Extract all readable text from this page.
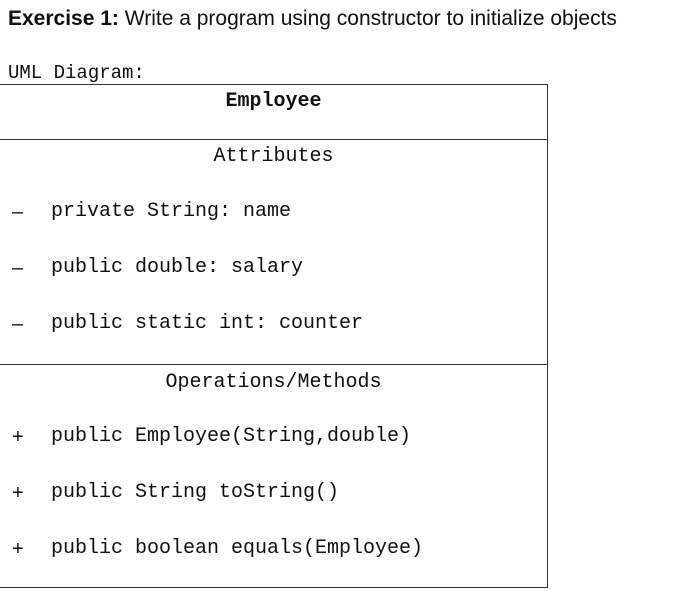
Exercise 1: Write a program using constructor to initialize objects
UML Diagram:
Employee
Attributes
– private String: name
– public double: salary
– public static int: counter
Operations/Methods
+ public Employee(String,double)
+ public String toString()
+ public boolean equals(Employee)
